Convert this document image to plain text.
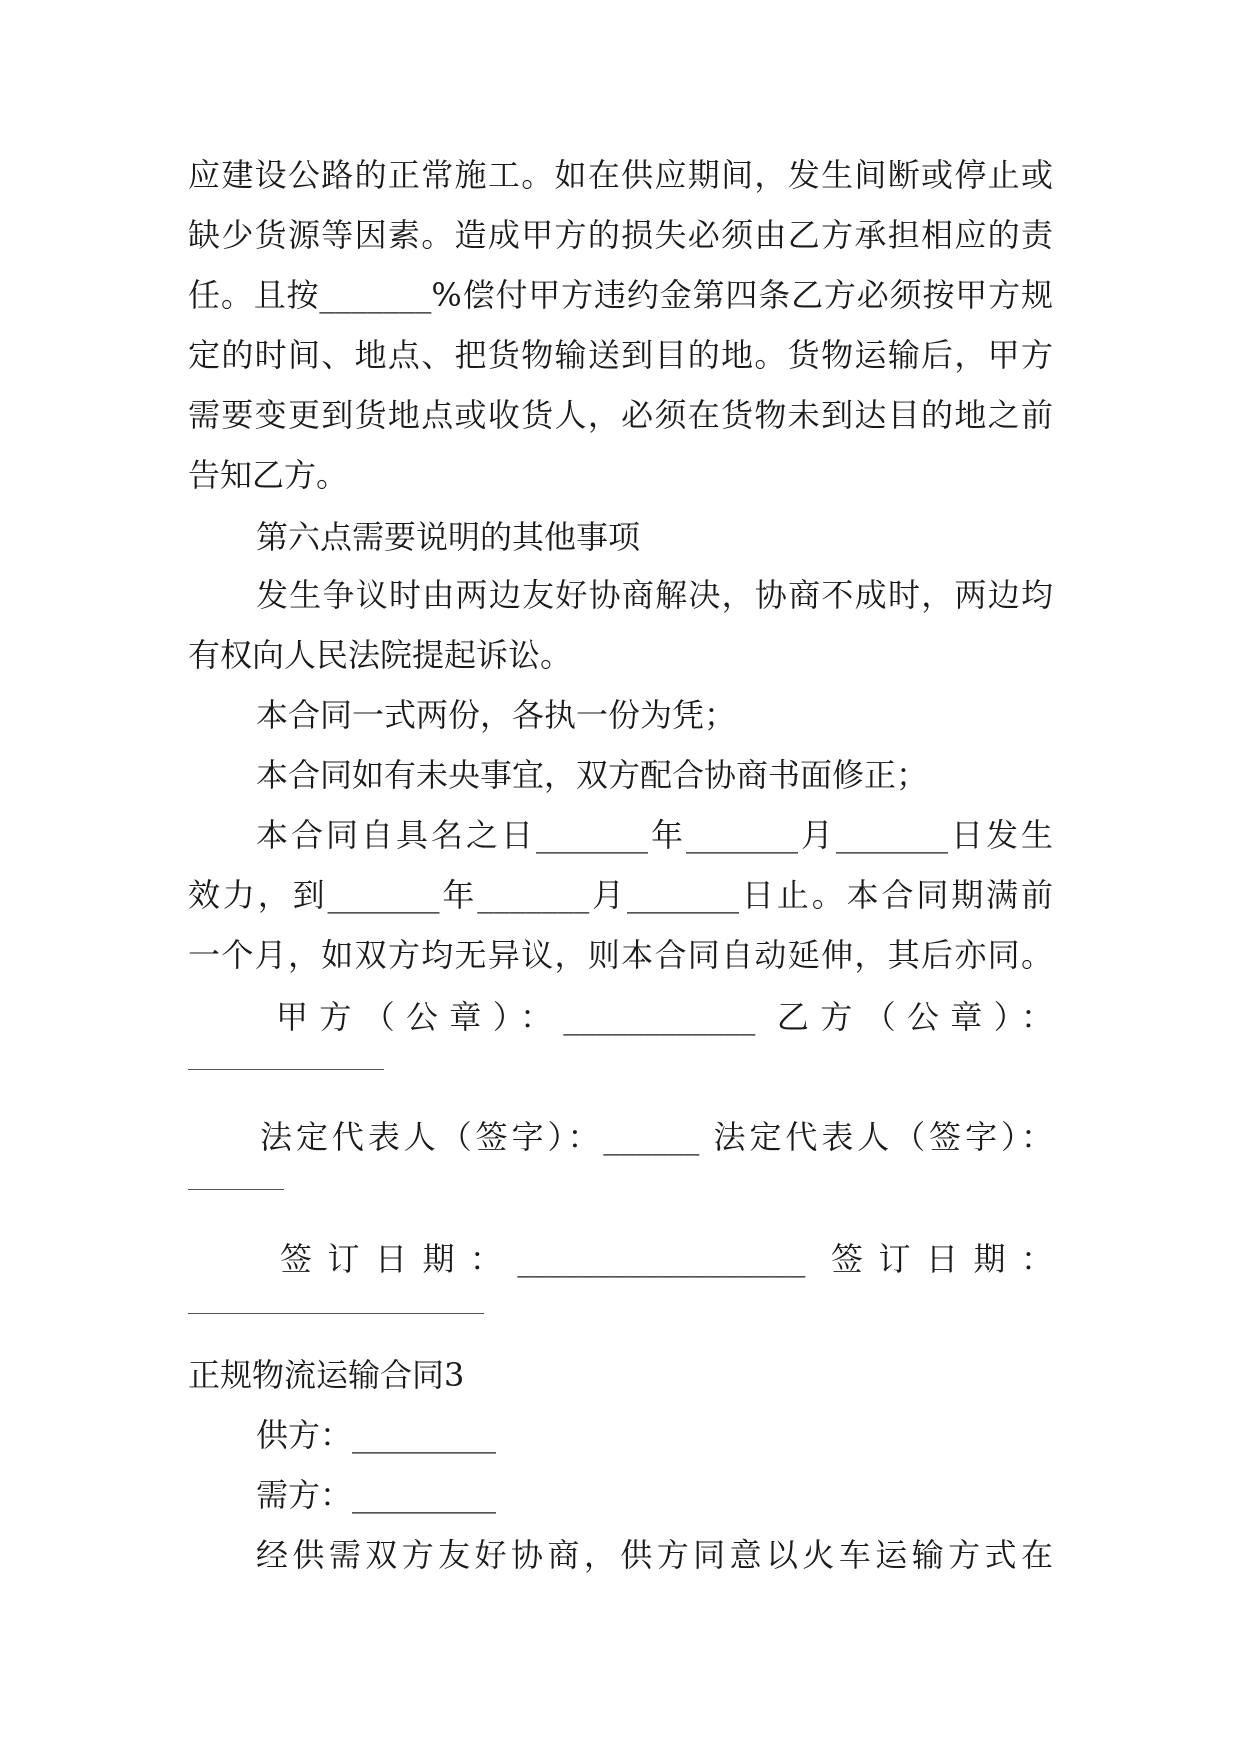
应建设公路的正常施工。如在供应期间，发生间断或停止或
缺少货源等因素。造成甲方的损失必须由乙方承担相应的责
任。且按_______%偿付甲方违约金第四条乙方必须按甲方规
定的时间、地点、把货物输送到目的地。货物运输后，甲方
需要变更到货地点或收货人，必须在货物未到达目的地之前
告知乙方。
第六点需要说明的其他事项
发生争议时由两边友好协商解决，协商不成时，两边均
有权向人民法院提起诉讼。
本合同一式两份，各执一份为凭；
本合同如有未央事宜，双方配合协商书面修正；
本合同自具名之日_______年_______月_______日发生
效力，到_______年_______月_______日止。本合同期满前
一个月，如双方均无异议，则本合同自动延伸，其后亦同。
甲方（公章）：____________ 乙方（公章）：
法定代表人（签字）：______ 法定代表人（签字）：
签订日期：__________________ 签订日期：
正规物流运输合同3
供方：_________
需方：_________
经供需双方友好协商，供方同意以火车运输方式在
